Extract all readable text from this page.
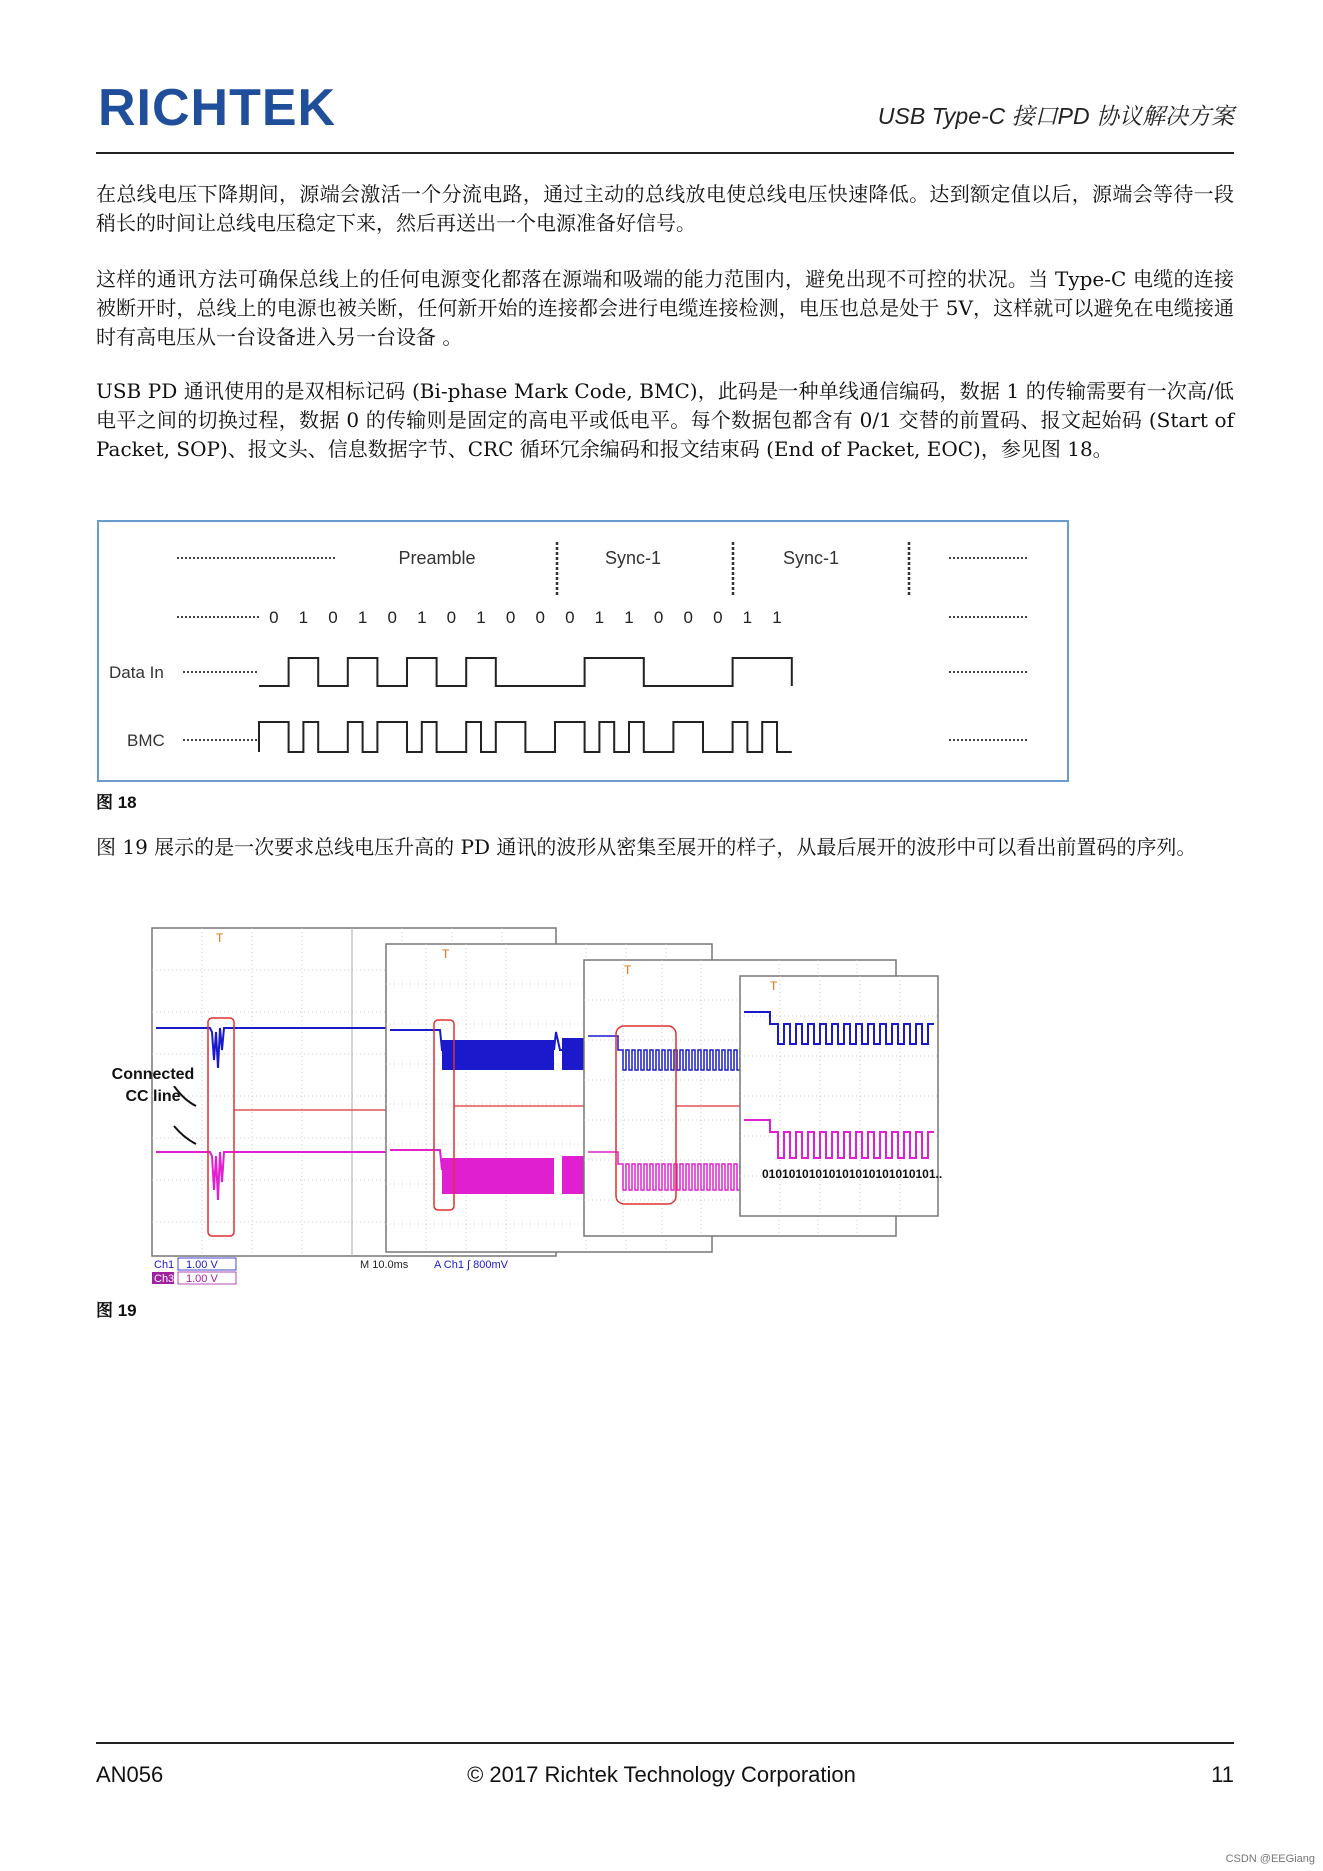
RICHTEK	USB Type-C 接口PD 协议解决方案

在总线电压下降期间，源端会激活一个分流电路，通过主动的总线放电使总线电压快速降低。达到额定值以后，源端会等待一段稍长的时间让总线电压稳定下来，然后再送出一个电源准备好信号。

这样的通讯方法可确保总线上的任何电源变化都落在源端和吸端的能力范围内，避免出现不可控的状况。当 Type-C 电缆的连接被断开时，总线上的电源也被关断，任何新开始的连接都会进行电缆连接检测，电压也总是处于 5V，这样就可以避免在电缆接通时有高电压从一台设备进入另一台设备 。

USB PD 通讯使用的是双相标记码 (Bi-phase Mark Code, BMC)，此码是一种单线通信编码，数据 1 的传输需要有一次高/低电平之间的切换过程，数据 0 的传输则是固定的高电平或低电平。每个数据包都含有 0/1 交替的前置码、报文起始码 (Start of Packet, SOP)、报文头、信息数据字节、CRC 循环冗余编码和报文结束码 (End of Packet, EOC)，参见图 18。

Preamble	Sync-1	Sync-1
Data In
BMC
0 1 0 1 0 1 0 1 0 0 0 1 1 0 0 0 1 1
图 18

图 19 展示的是一次要求总线电压升高的 PD 通讯的波形从密集至展开的样子，从最后展开的波形中可以看出前置码的序列。

T
T
T
T
01010101010101010101010101..
Ch1 1.00 V
Ch3 1.00 V
M 10.0ms A Ch1 ∫ 800mV
Connected
CC line
图 19
AN056	© 2017 Richtek Technology Corporation	11
CSDN @EEGiang
